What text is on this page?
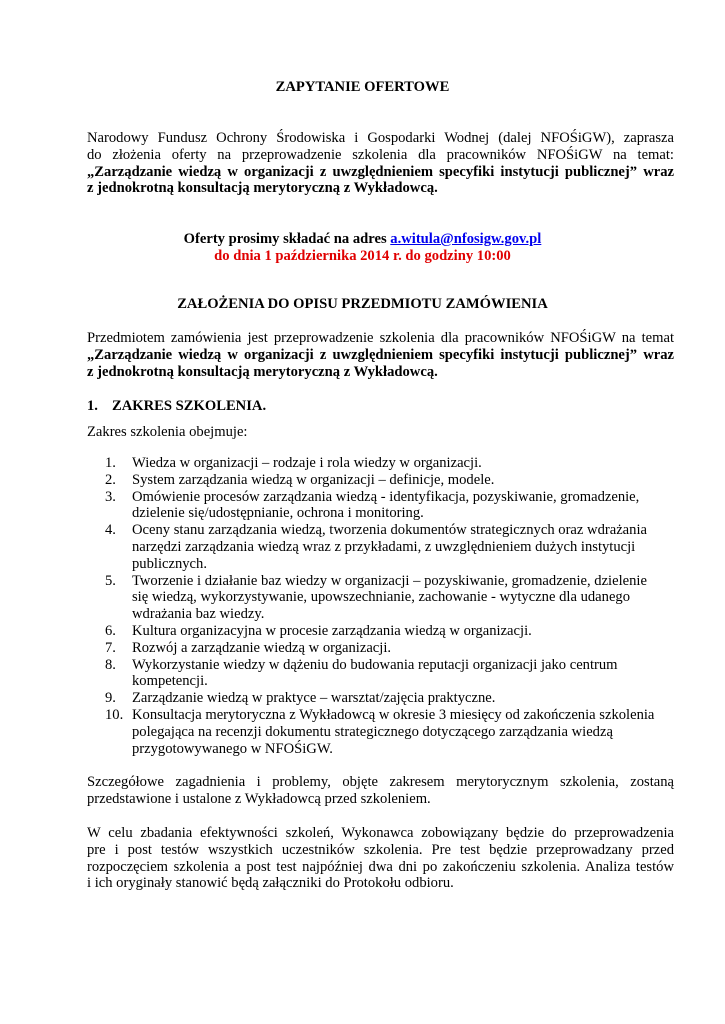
ZAPYTANIE OFERTOWE
Narodowy Fundusz Ochrony Środowiska i Gospodarki Wodnej (dalej NFOŚiGW), zaprasza
do złożenia oferty na przeprowadzenie szkolenia dla pracowników NFOŚiGW na temat:
„Zarządzanie wiedzą w organizacji z uwzględnieniem specyfiki instytucji publicznej” wraz
z jednokrotną konsultacją merytoryczną z Wykładowcą.
Oferty prosimy składać na adres a.witula@nfosigw.gov.pl
do dnia 1 października 2014 r. do godziny 10:00
ZAŁOŻENIA DO OPISU PRZEDMIOTU ZAMÓWIENIA
Przedmiotem zamówienia jest przeprowadzenie szkolenia dla pracowników NFOŚiGW na temat
„Zarządzanie wiedzą w organizacji z uwzględnieniem specyfiki instytucji publicznej” wraz
z jednokrotną konsultacją merytoryczną z Wykładowcą.
1. ZAKRES SZKOLENIA.
Zakres szkolenia obejmuje:
1.	Wiedza w organizacji – rodzaje i rola wiedzy w organizacji.
2.	System zarządzania wiedzą w organizacji – definicje, modele.
3.	Omówienie procesów zarządzania wiedzą - identyfikacja, pozyskiwanie, gromadzenie,
dzielenie się/udostępnianie, ochrona i monitoring.
4.	Oceny stanu zarządzania wiedzą, tworzenia dokumentów strategicznych oraz wdrażania
narzędzi zarządzania wiedzą wraz z przykładami, z uwzględnieniem dużych instytucji
publicznych.
5.	Tworzenie i działanie baz wiedzy w organizacji – pozyskiwanie, gromadzenie, dzielenie
się wiedzą, wykorzystywanie, upowszechnianie, zachowanie - wytyczne dla udanego
wdrażania baz wiedzy.
6.	Kultura organizacyjna w procesie zarządzania wiedzą w organizacji.
7.	Rozwój a zarządzanie wiedzą w organizacji.
8.	Wykorzystanie wiedzy w dążeniu do budowania reputacji organizacji jako centrum
kompetencji.
9.	Zarządzanie wiedzą w praktyce – warsztat/zajęcia praktyczne.
10. Konsultacja merytoryczna z Wykładowcą w okresie 3 miesięcy od zakończenia szkolenia
polegająca na recenzji dokumentu strategicznego dotyczącego zarządzania wiedzą
przygotowywanego w NFOŚiGW.
Szczegółowe zagadnienia i problemy, objęte zakresem merytorycznym szkolenia, zostaną
przedstawione i ustalone z Wykładowcą przed szkoleniem.
W celu zbadania efektywności szkoleń, Wykonawca zobowiązany będzie do przeprowadzenia
pre i post testów wszystkich uczestników szkolenia. Pre test będzie przeprowadzany przed
rozpoczęciem szkolenia a post test najpóźniej dwa dni po zakończeniu szkolenia. Analiza testów
i ich oryginały stanowić będą załączniki do Protokołu odbioru.
